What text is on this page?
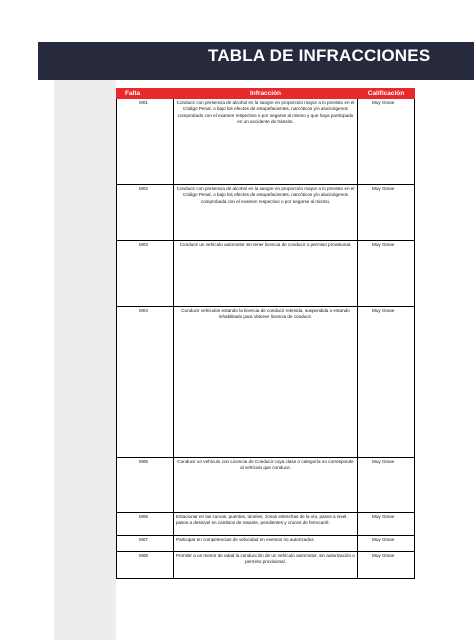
TABLA DE INFRACCIONES
Falta	Infracción	Calificación
M01	Conducir con presencia de alcohol en la sangre en proporción mayor a lo previsto en el Código Penal, o bajo los efectos de estupefacientes, narcóticos y/o alucinógenos comprobado con el examen respectivo o por negarse al mismo y que haya participado en un accidente de tránsito.	Muy Grave
M02	Conducir con presencia de alcohol en la sangre en proporción mayor a lo previsto en el Código Penal, o bajo los efectos de estupefacientes, narcóticos y/o alucinógenos comprobada con el examen respectivo o por negarse al mismo.	Muy Grave
M03	Conducir un vehículo automotor sin tener licencia de conducir o permiso provisional.	Muy Grave
M04	Conducir vehículos estando la licencia de conducir retenida, suspendida o estando inhabilitado para obtener licencia de conducir.	Muy Grave
M05	Conducir un vehículo con Licencia de Conducir cuya clase o categoría no corresponde al vehículo que conduce.	Muy Grave
M06	Estacionar en las curvas, puentes, túneles, zonas estrechas de la vía, pasos a nivel, pasos a desnivel en cambios de rasante, pendientes y cruces de ferrocarril.	Muy Grave
M07	Participar en competencias de velocidad en eventos no autorizados	Muy Grave
M08	Permitir a un menor de edad la conducción de un vehículo automotor, sin autorización o permiso provisional.	Muy Grave
